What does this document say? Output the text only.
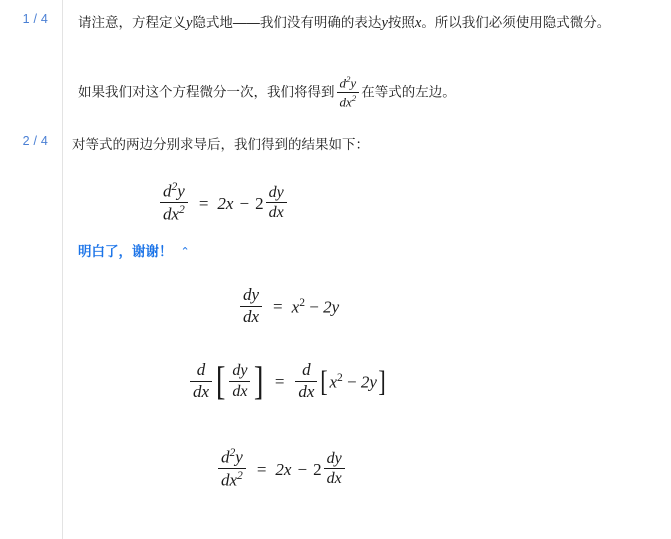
1 / 4
2 / 4
请注意，方程定义y隐式地——我们没有明确的表达y按照x。所以我们必须使用隐式微分。
如果我们对这个方程微分一次，我们将得到 $\frac{d^2y}{dx^2}$ 在等式的左边。
对等式的两边分别求导后，我们得到的结果如下：
$\frac{d^2y}{dx^2} = 2x - 2 \frac{dy}{dx}$
明白了，谢谢！ ⌃
$\frac{dy}{dx} = x^2 - 2y$
$\frac{d}{dx}$ [ $\frac{dy}{dx}$ ] = $\frac{d}{dx}$ [ $x^2 - 2y$ ]
$\frac{d^2y}{dx^2} = 2x - 2 \frac{dy}{dx}$
